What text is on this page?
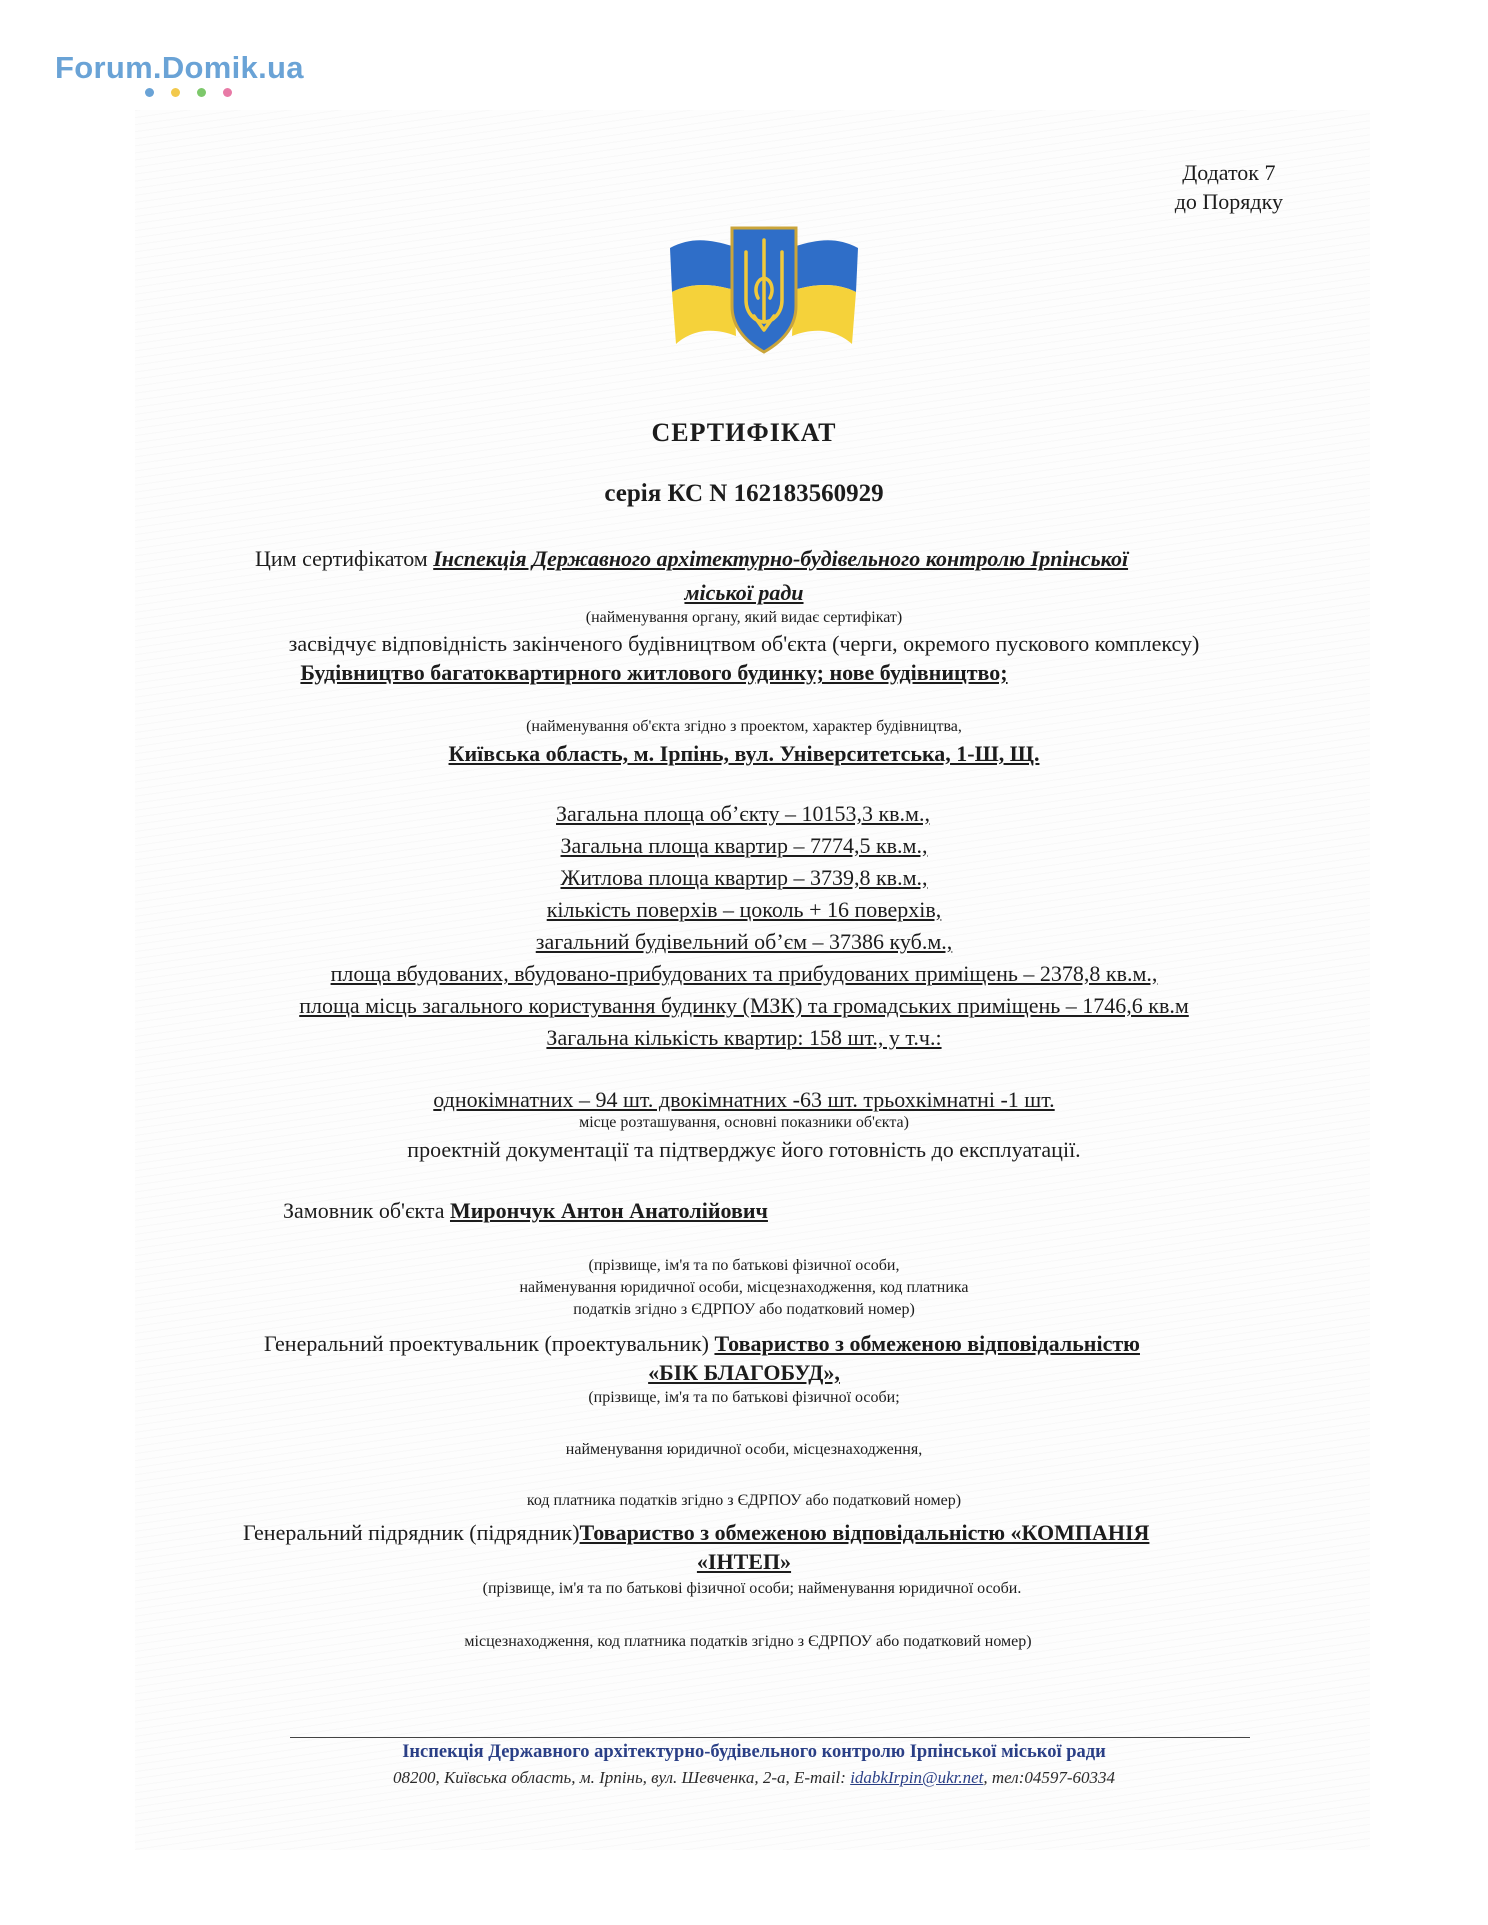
Forum.Domik.ua
Додаток 7
до Порядку
СЕРТИФІКАТ
серія КС N 162183560929
Цим сертифікатом Інспекція Державного архітектурно-будівельного контролю Ірпінської
міської ради
(найменування органу, який видає сертифікат)
засвідчує відповідність закінченого будівництвом об'єкта (черги, окремого пускового комплексу)
Будівництво багатоквартирного житлового будинку; нове будівництво;
(найменування об'єкта згідно з проектом, характер будівництва,
Київська область, м. Ірпінь, вул. Університетська, 1-Ш, Щ.
Загальна площа об’єкту – 10153,3 кв.м.,
Загальна площа квартир – 7774,5 кв.м.,
Житлова площа квартир – 3739,8 кв.м.,
кількість поверхів – цоколь + 16 поверхів,
загальний будівельний об’єм – 37386 куб.м.,
площа вбудованих, вбудовано-прибудованих та прибудованих приміщень – 2378,8 кв.м.,
площа місць загального користування будинку (МЗК) та громадських приміщень – 1746,6 кв.м
Загальна кількість квартир: 158 шт., у т.ч.:
однокімнатних – 94 шт. двокімнатних -63 шт. трьохкімнатні -1 шт.
місце розташування, основні показники об'єкта)
проектній документації та підтверджує його готовність до експлуатації.
Замовник об'єкта Мирончук Антон Анатолійович
(прізвище, ім'я та по батькові фізичної особи,
найменування юридичної особи, місцезнаходження, код платника
податків згідно з ЄДРПОУ або податковий номер)
Генеральний проектувальник (проектувальник) Товариство з обмеженою відповідальністю
«БІК БЛАГОБУД»,
(прізвище, ім'я та по батькові фізичної особи;
найменування юридичної особи, місцезнаходження,
код платника податків згідно з ЄДРПОУ або податковий номер)
Генеральний підрядник (підрядник)Товариство з обмеженою відповідальністю «КОМПАНІЯ
«ІНТЕП»
(прізвище, ім'я та по батькові фізичної особи; найменування юридичної особи.
місцезнаходження, код платника податків згідно з ЄДРПОУ або податковий номер)
Інспекція Державного архітектурно-будівельного контролю Ірпінської міської ради
08200, Київська область, м. Ірпінь, вул. Шевченка, 2-а, E-mail: idabkIrpin@ukr.net, тел:04597-60334
